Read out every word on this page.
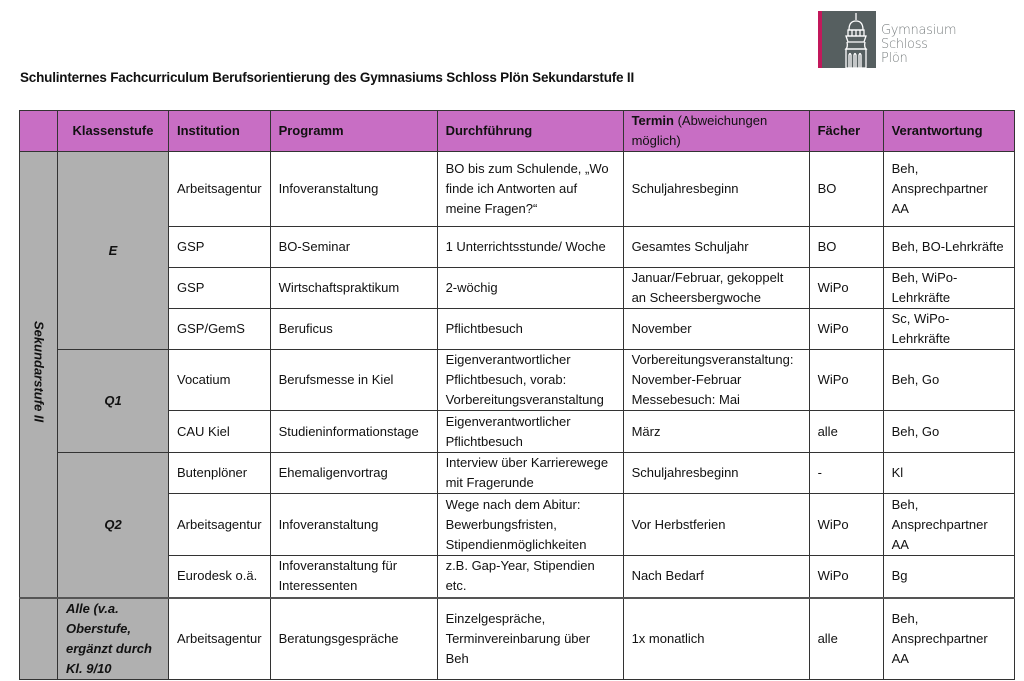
Gymnasium
Schloss
Plön
Schulinternes Fachcurriculum Berufsorientierung des Gymnasiums Schloss Plön Sekundarstufe II
	Klassenstufe	Institution	Programm	Durchführung	Termin (Abweichungen möglich)	Fächer	Verantwortung
Sekundarstufe II	E	Arbeitsagentur	Infoveranstaltung	BO bis zum Schulende, „Wo finde ich Antworten auf meine Fragen?“	Schuljahresbeginn	BO	Beh, Ansprechpartner AA
		GSP	BO-Seminar	1 Unterrichtsstunde/ Woche	Gesamtes Schuljahr	BO	Beh, BO-Lehrkräfte
		GSP	Wirtschaftspraktikum	2-wöchig	Januar/Februar, gekoppelt an Scheersbergwoche	WiPo	Beh, WiPo-Lehrkräfte
		GSP/GemS	Beruficus	Pflichtbesuch	November	WiPo	Sc, WiPo-Lehrkräfte
	Q1	Vocatium	Berufsmesse in Kiel	Eigenverantwortlicher Pflichtbesuch, vorab: Vorbereitungsveranstaltung	Vorbereitungsveranstaltung: November-Februar Messebesuch: Mai	WiPo	Beh, Go
		CAU Kiel	Studieninformationstage	Eigenverantwortlicher Pflichtbesuch	März	alle	Beh, Go
	Q2	Butenplöner	Ehemaligenvortrag	Interview über Karrierewege mit Fragerunde	Schuljahresbeginn	-	Kl
		Arbeitsagentur	Infoveranstaltung	Wege nach dem Abitur: Bewerbungsfristen, Stipendienmöglichkeiten	Vor Herbstferien	WiPo	Beh, Ansprechpartner AA
		Eurodesk o.ä.	Infoveranstaltung für Interessenten	z.B. Gap-Year, Stipendien etc.	Nach Bedarf	WiPo	Bg
	Alle (v.a. Oberstufe, ergänzt durch Kl. 9/10	Arbeitsagentur	Beratungsgespräche	Einzelgespräche, Terminvereinbarung über Beh	1x monatlich	alle	Beh, Ansprechpartner AA
